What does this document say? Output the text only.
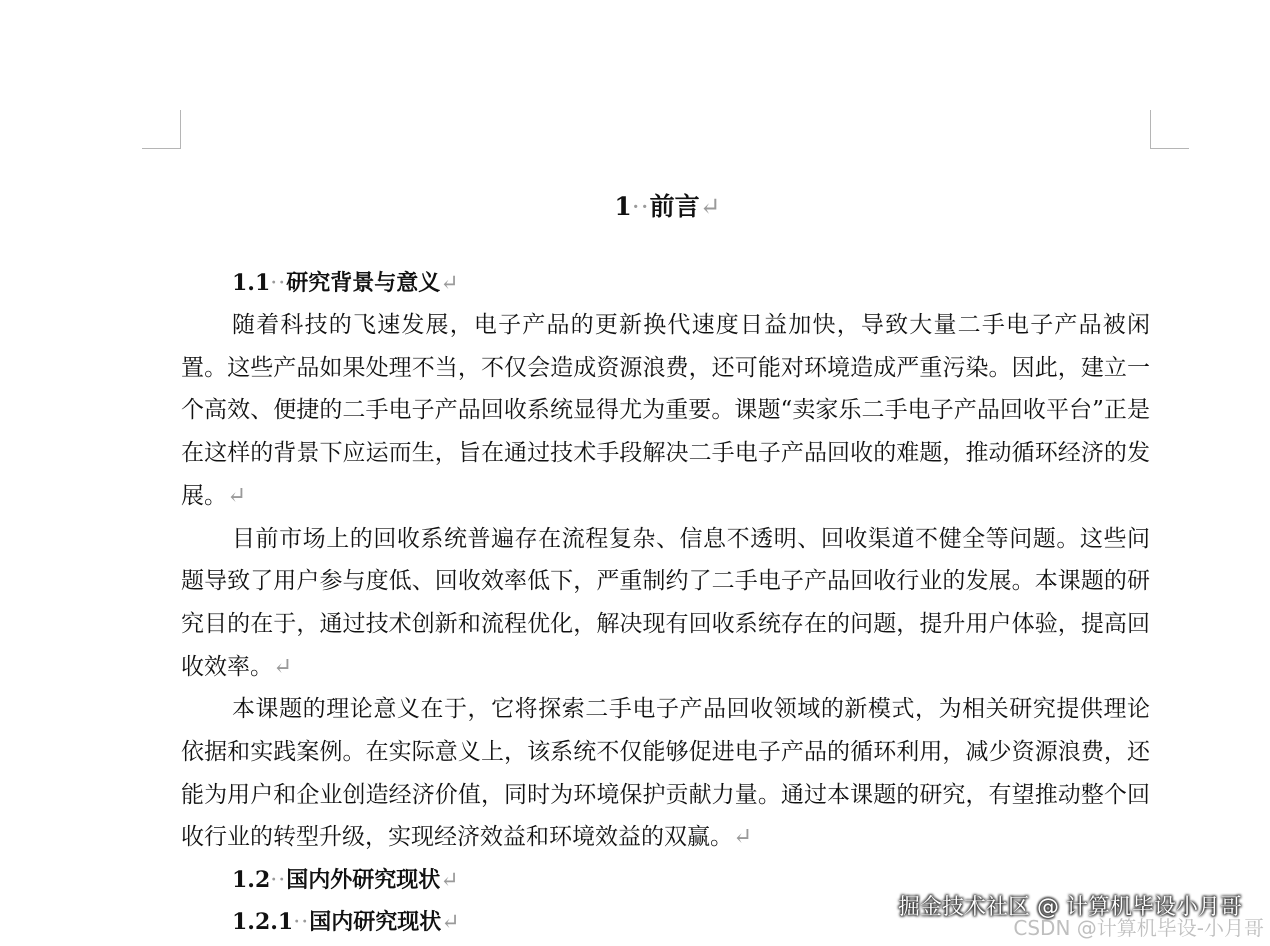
1··前言↵
1.1··研究背景与意义↵

随着科技的飞速发展，电子产品的更新换代速度日益加快，导致大量二手电子产品被闲置。这些产品如果处理不当，不仅会造成资源浪费，还可能对环境造成严重污染。因此，建立一个高效、便捷的二手电子产品回收系统显得尤为重要。课题“卖家乐二手电子产品回收平台”正是在这样的背景下应运而生，旨在通过技术手段解决二手电子产品回收的难题，推动循环经济的发展。↵

目前市场上的回收系统普遍存在流程复杂、信息不透明、回收渠道不健全等问题。这些问题导致了用户参与度低、回收效率低下，严重制约了二手电子产品回收行业的发展。本课题的研究目的在于，通过技术创新和流程优化，解决现有回收系统存在的问题，提升用户体验，提高回收效率。↵

本课题的理论意义在于，它将探索二手电子产品回收领域的新模式，为相关研究提供理论依据和实践案例。在实际意义上，该系统不仅能够促进电子产品的循环利用，减少资源浪费，还能为用户和企业创造经济价值，同时为环境保护贡献力量。通过本课题的研究，有望推动整个回收行业的转型升级，实现经济效益和环境效益的双赢。↵

1.2··国内外研究现状↵
1.2.1··国内研究现状↵
掘金技术社区 @ 计算机毕设小月哥
CSDN @计算机毕设-小月哥
